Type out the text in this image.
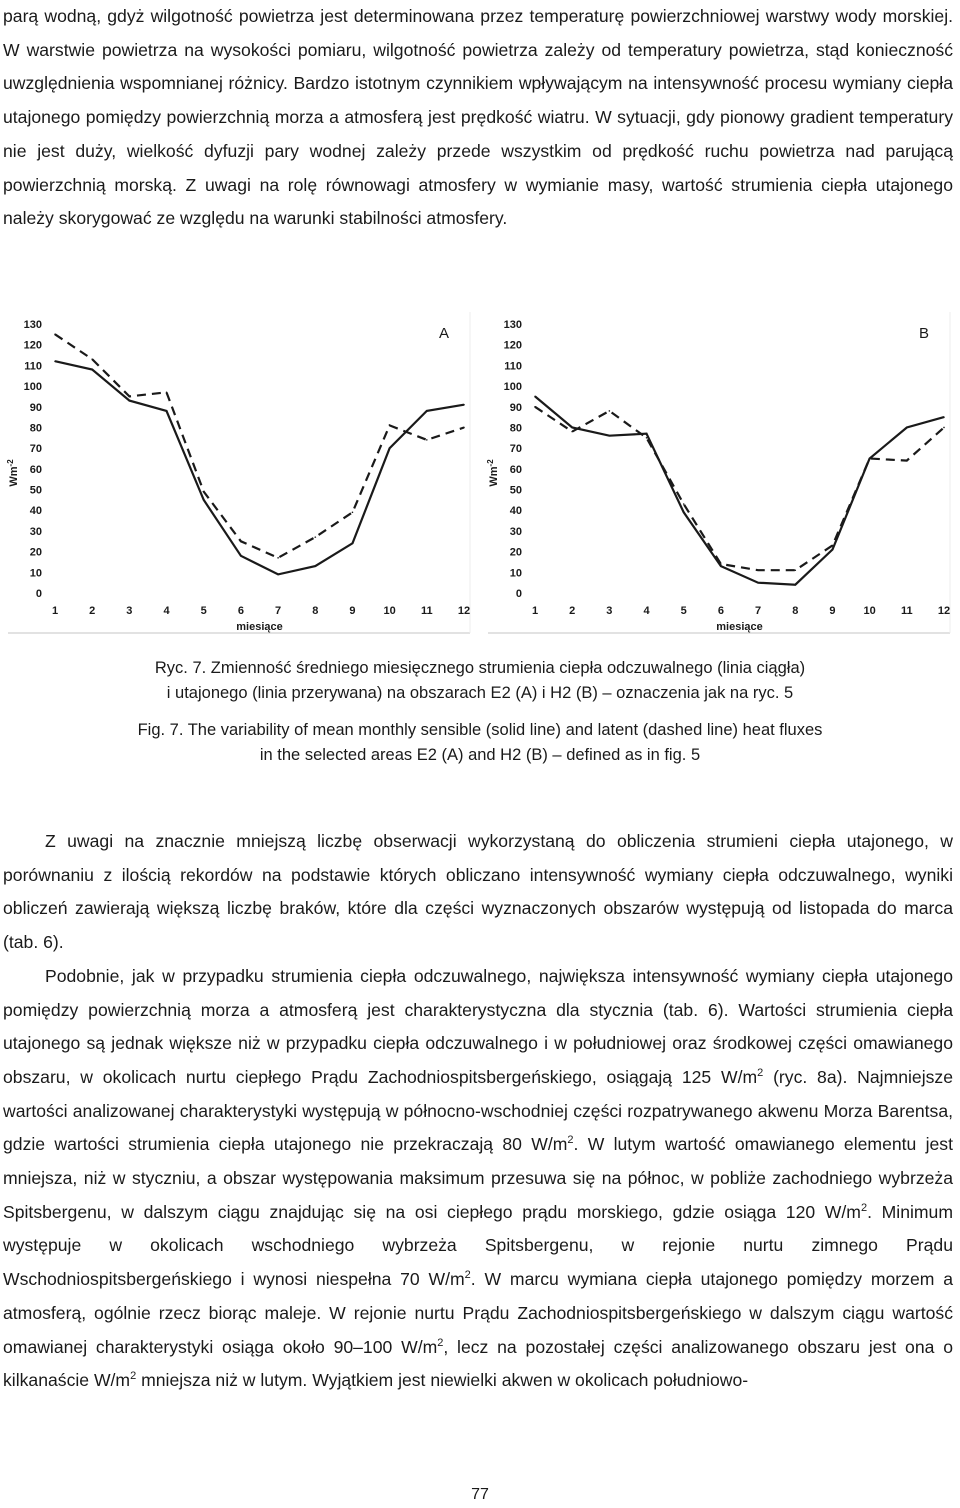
parą wodną, gdyż wilgotność powietrza jest determinowana przez temperaturę powierzchniowej warstwy wody morskiej. W warstwie powietrza na wysokości pomiaru, wilgotność powietrza zależy od temperatury powietrza, stąd konieczność uwzględnienia wspomnianej różnicy. Bardzo istotnym czynnikiem wpływającym na intensywność procesu wymiany ciepła utajonego pomiędzy powierzchnią morza a atmosferą jest prędkość wiatru. W sytuacji, gdy pionowy gradient temperatury nie jest duży, wielkość dyfuzji pary wodnej zależy przede wszystkim od prędkość ruchu powietrza nad parującą powierzchnią morską. Z uwagi na rolę równowagi atmosfery w wymianie masy, wartość strumienia ciepła utajonego należy skorygować ze względu na warunki stabilności atmosfery.

0
10
20
30
40
50
60
70
80
90
100
110
120
130
1	2	3	4	5	6	7	8	9	10 11 12
miesiące
$Wm^{-2}$
A
0
10
20
30
40
50
60
70
80
90
100
110
120
130
1	2	3	4	5	6	7	8	9	10 11 12
miesiące
$Wm^{-2}$
B
Ryc. 7. Zmienność średniego miesięcznego strumienia ciepła odczuwalnego (linia ciągła)
i utajonego (linia przerywana) na obszarach E2 (A) i H2 (B) – oznaczenia jak na ryc. 5
Fig. 7. The variability of mean monthly sensible (solid line) and latent (dashed line) heat fluxes
in the selected areas E2 (A) and H2 (B) – defined as in fig. 5
Z uwagi na znacznie mniejszą liczbę obserwacji wykorzystaną do obliczenia strumieni ciepła utajonego, w porównaniu z ilością rekordów na podstawie których obliczano intensywność wymiany ciepła odczuwalnego, wyniki obliczeń zawierają większą liczbę braków, które dla części wyznaczonych obszarów występują od listopada do marca (tab. 6).
Podobnie, jak w przypadku strumienia ciepła odczuwalnego, największa intensywność wymiany ciepła utajonego pomiędzy powierzchnią morza a atmosferą jest charakterystyczna dla stycznia (tab. 6). Wartości strumienia ciepła utajonego są jednak większe niż w przypadku ciepła odczuwalnego i w południowej oraz środkowej części omawianego obszaru, w okolicach nurtu ciepłego Prądu Zachodniospitsbergeńskiego, osiągają 125 $W/m^2$ (ryc. 8a). Najmniejsze wartości analizowanej charakterystyki występują w północno-wschodniej części rozpatrywanego akwenu Morza Barentsa, gdzie wartości strumienia ciepła utajonego nie przekraczają 80 $W/m^2$. W lutym wartość omawianego elementu jest mniejsza, niż w styczniu, a obszar występowania maksimum przesuwa się na północ, w pobliże zachodniego wybrzeża Spitsbergenu, w dalszym ciągu znajdując się na osi ciepłego prądu morskiego, gdzie osiąga 120 $W/m^2$. Minimum występuje w okolicach wschodniego wybrzeża Spitsbergenu, w rejonie nurtu zimnego Prądu Wschodniospitsbergeńskiego i wynosi niespełna 70 $W/m^2$. W marcu wymiana ciepła utajonego pomiędzy morzem a atmosferą, ogólnie rzecz biorąc maleje. W rejonie nurtu Prądu Zachodniospitsbergeńskiego w dalszym ciągu wartość omawianej charakterystyki osiąga około 90–100 $W/m^2$, lecz na pozostałej części analizowanego obszaru jest ona o kilkanaście $W/m^2$ mniejsza niż w lutym. Wyjątkiem jest niewielki akwen w okolicach południowo-
77
